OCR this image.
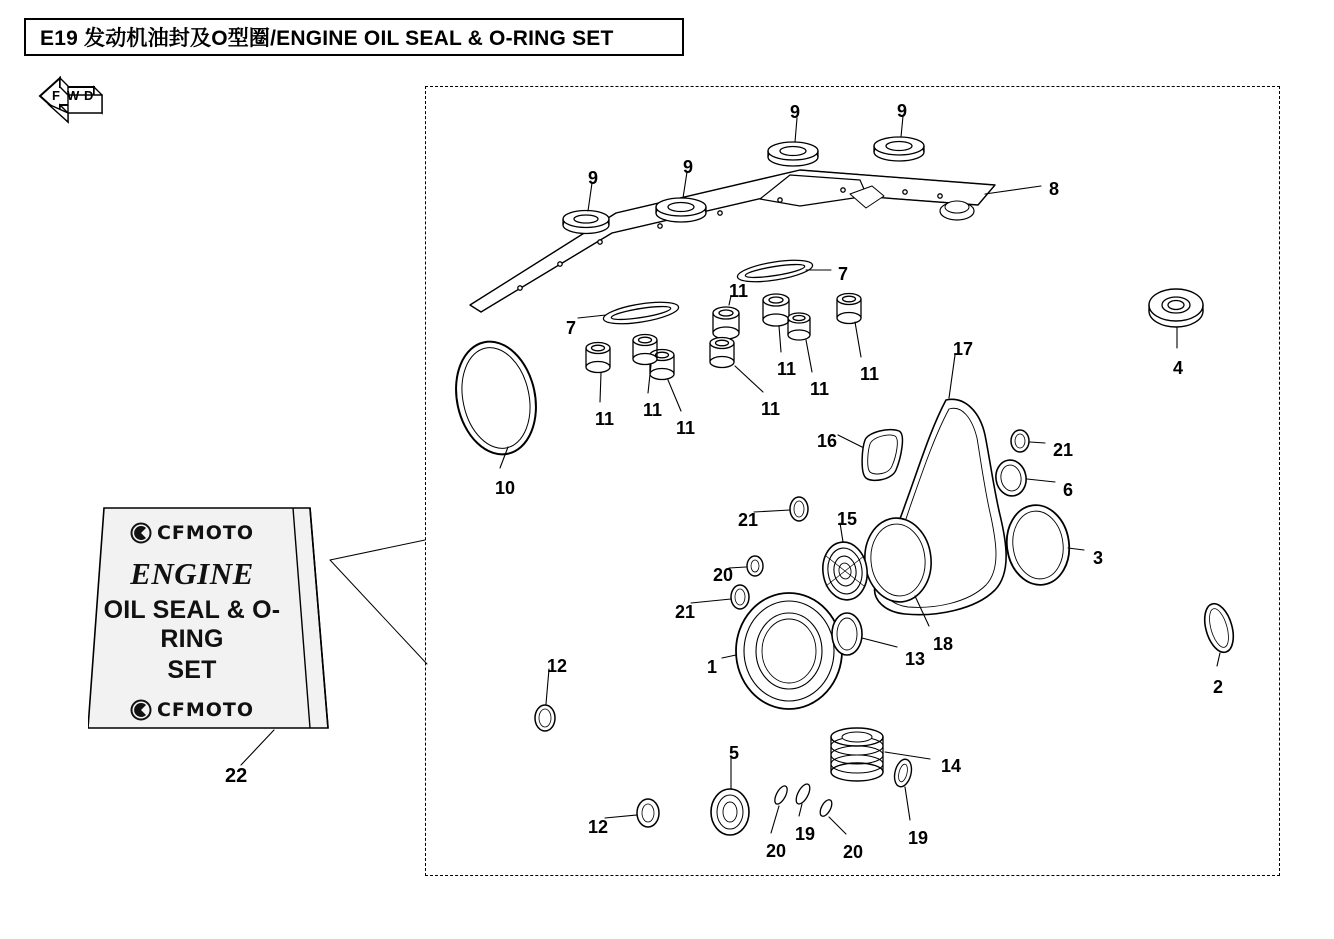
E19 发动机油封及O型圈/ENGINE OIL SEAL & O-RING SET
F W D
CFMOTO
ENGINE
OIL SEAL & O-RING
SET
CFMOTO
1
2
3
4
5
6
7
7
8
9	9
9
9
10
11
11
11
11
11
11
11
11
12
12
13
14
15
16
17
18
19	19
20
20	20
21
21
21
22
